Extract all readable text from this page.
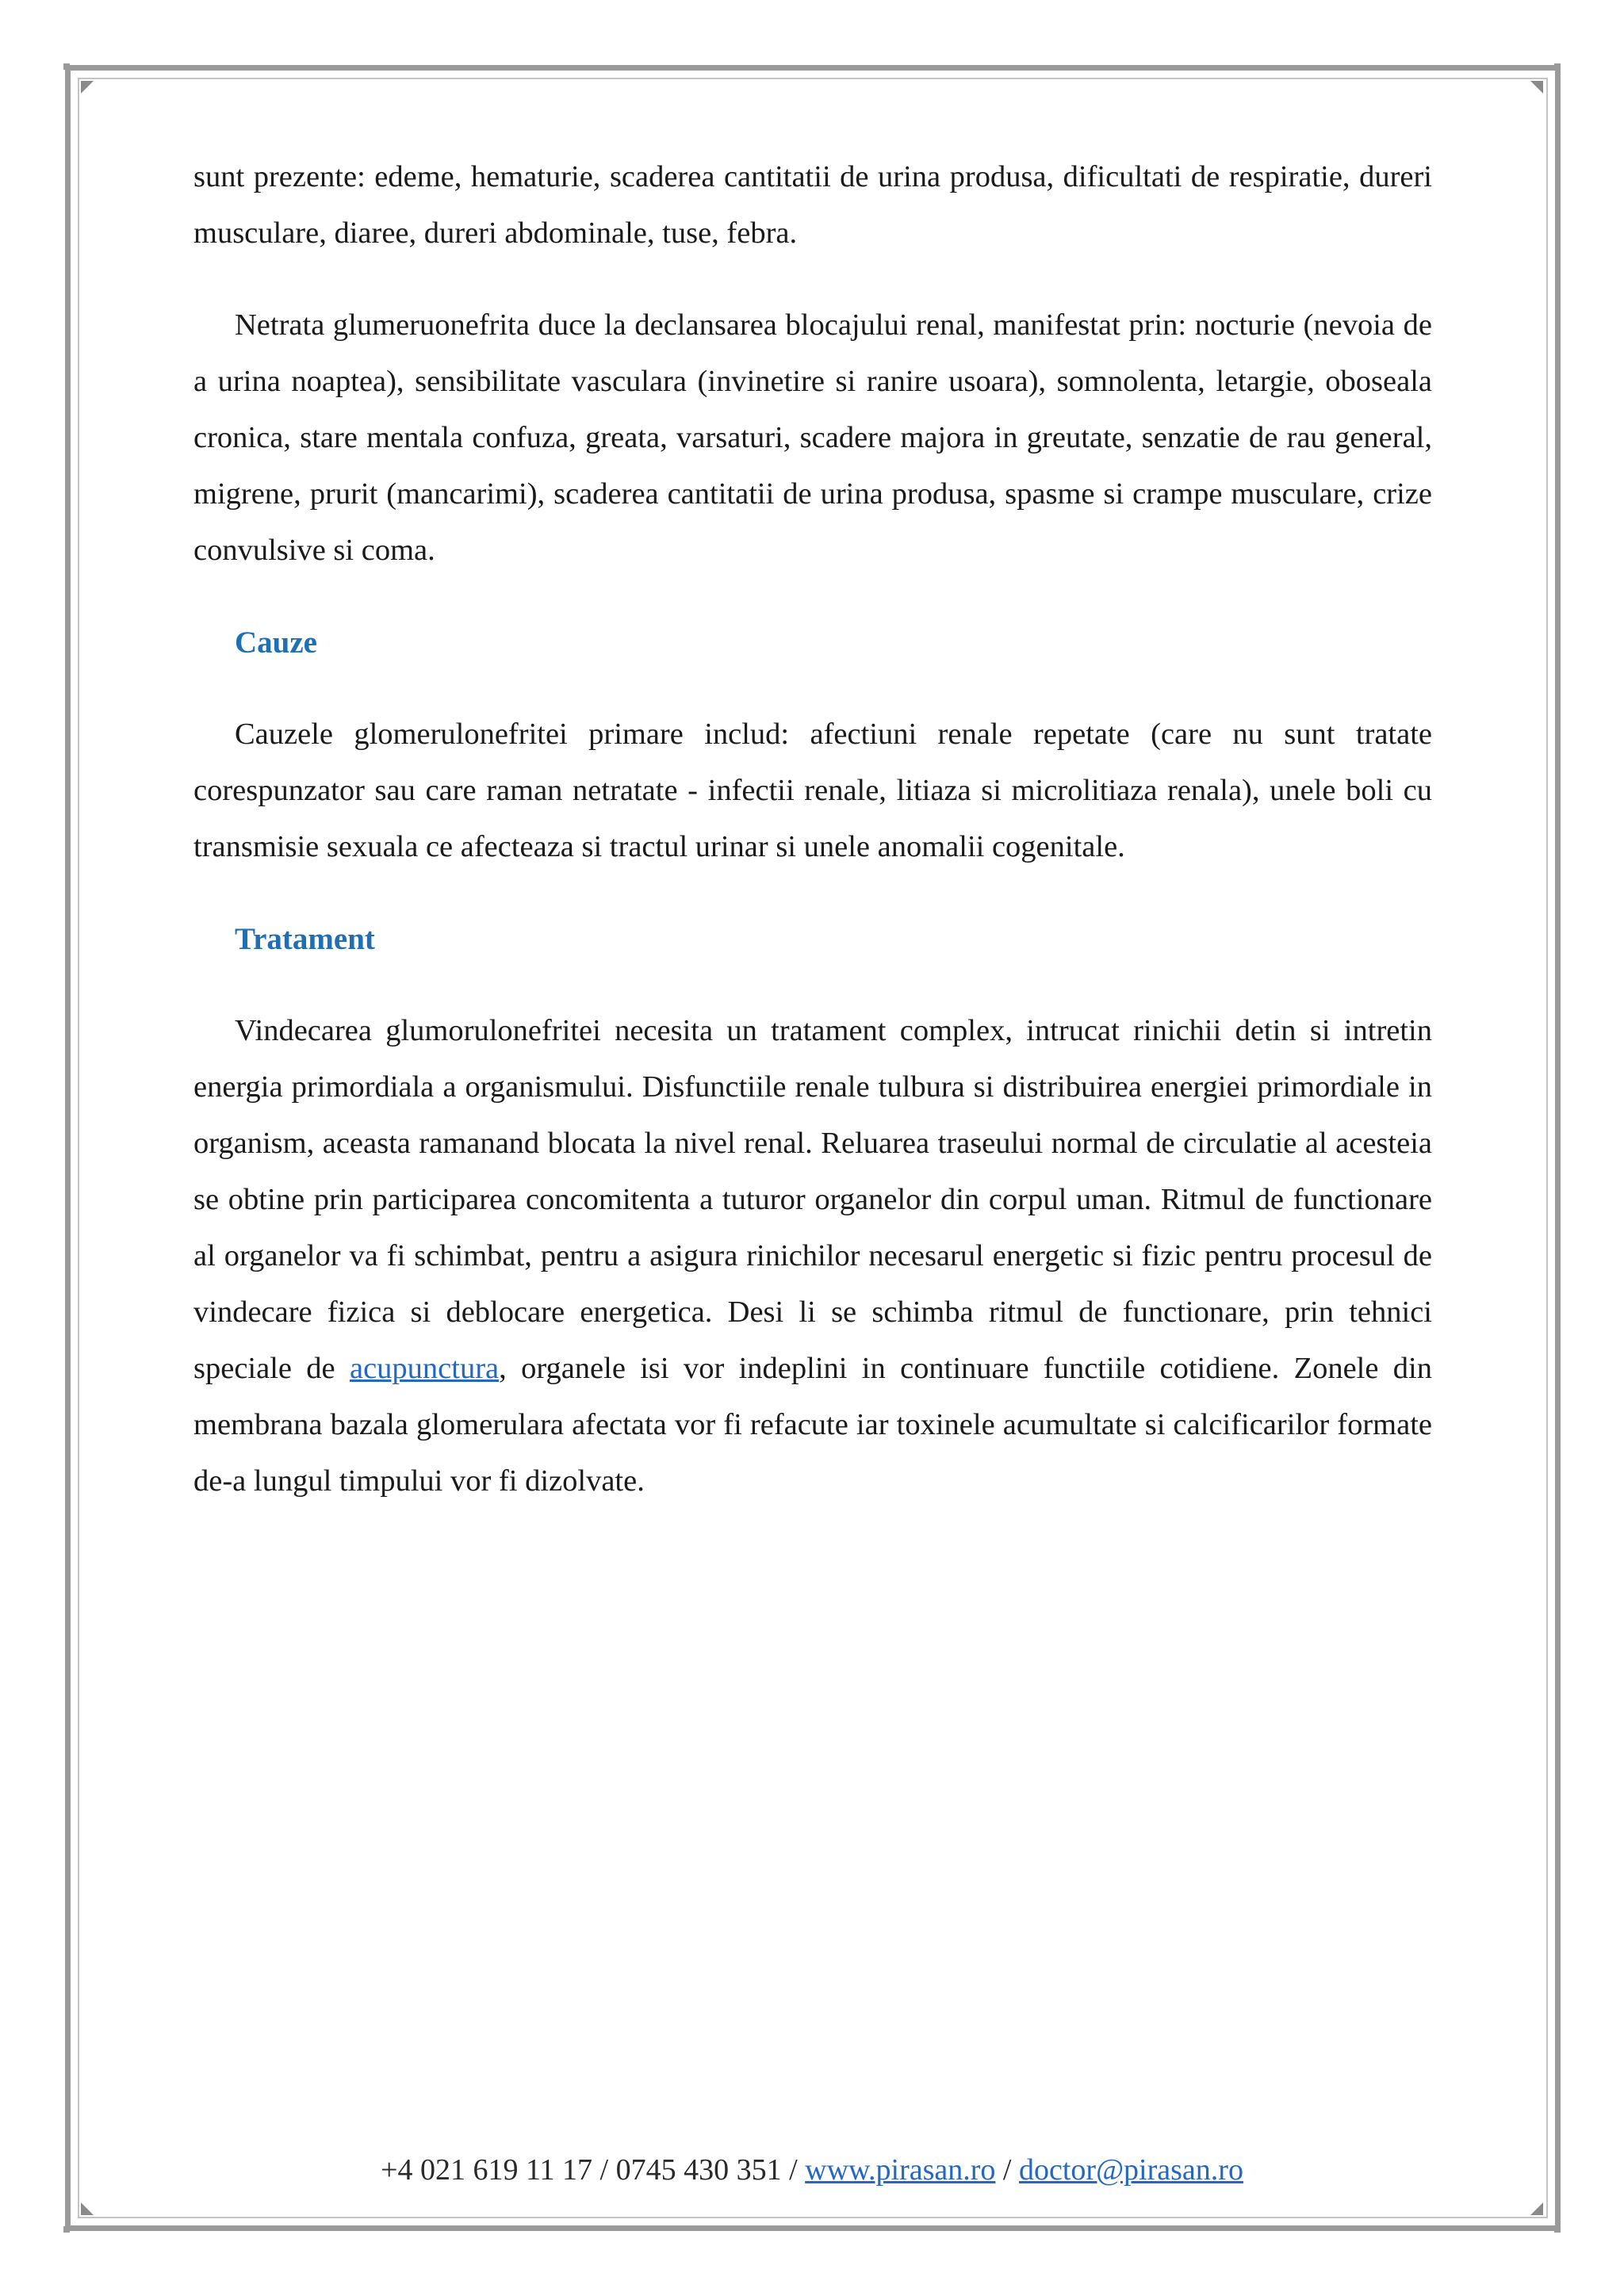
sunt prezente: edeme, hematurie, scaderea cantitatii de urina produsa, dificultati de respiratie, dureri musculare, diaree, dureri abdominale, tuse, febra.

Netrata glumeruonefrita duce la declansarea blocajului renal, manifestat prin: nocturie (nevoia de a urina noaptea), sensibilitate vasculara (invinetire si ranire usoara), somnolenta, letargie, oboseala cronica, stare mentala confuza, greata, varsaturi, scadere majora in greutate, senzatie de rau general, migrene, prurit (mancarimi), scaderea cantitatii de urina produsa, spasme si crampe musculare, crize convulsive si coma.

Cauze

Cauzele glomerulonefritei primare includ: afectiuni renale repetate (care nu sunt tratate corespunzator sau care raman netratate - infectii renale, litiaza si microlitiaza renala), unele boli cu transmisie sexuala ce afecteaza si tractul urinar si unele anomalii cogenitale.

Tratament

Vindecarea glumorulonefritei necesita un tratament complex, intrucat rinichii detin si intretin energia primordiala a organismului. Disfunctiile renale tulbura si distribuirea energiei primordiale in organism, aceasta ramanand blocata la nivel renal. Reluarea traseului normal de circulatie al acesteia se obtine prin participarea concomitenta a tuturor organelor din corpul uman. Ritmul de functionare al organelor va fi schimbat, pentru a asigura rinichilor necesarul energetic si fizic pentru procesul de vindecare fizica si deblocare energetica. Desi li se schimba ritmul de functionare, prin tehnici speciale de acupunctura, organele isi vor indeplini in continuare functiile cotidiene. Zonele din membrana bazala glomerulara afectata vor fi refacute iar toxinele acumultate si calcificarilor formate de-a lungul timpului vor fi dizolvate.

+4 021 619 11 17 / 0745 430 351 / www.pirasan.ro / doctor@pirasan.ro
